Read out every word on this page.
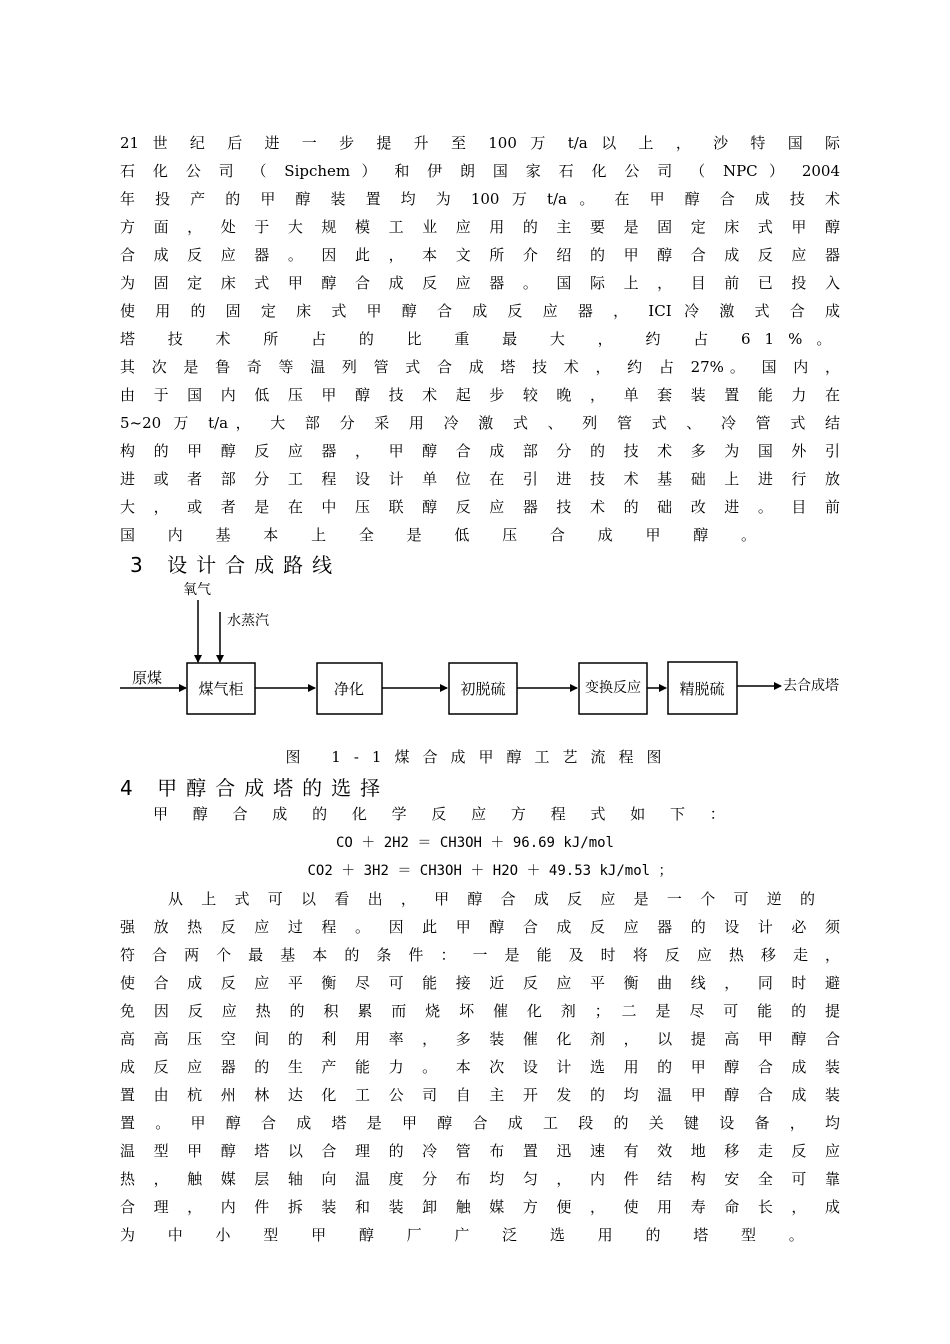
21 世 纪 后 进 一 步 提 升 至 100 万 t/a 以 上 ， 沙 特 国 际
石 化 公 司 （ Sipchem ） 和 伊 朗 国 家 石 化 公 司 （ NPC ） 2004
年 投 产 的 甲 醇 装 置 均 为 100 万 t/a 。 在 甲 醇 合 成 技 术
方 面 ， 处 于 大 规 模 工 业 应 用 的 主 要 是 固 定 床 式 甲 醇
合 成 反 应 器 。 因 此 ， 本 文 所 介 绍 的 甲 醇 合 成 反 应 器
为 固 定 床 式 甲 醇 合 成 反 应 器 。 国 际 上 ， 目 前 已 投 入
使 用 的 固 定 床 式 甲 醇 合 成 反 应 器 ， ICI 冷 激 式 合 成
塔 技 术 所 占 的 比 重 最 大 ， 约 占 61%。
其 次 是 鲁 奇 等 温 列 管 式 合 成 塔 技 术 ， 约 占 27%。 国 内 ，
由 于 国 内 低 压 甲 醇 技 术 起 步 较 晚 ， 单 套 装 置 能 力 在
5~20 万 t/a， 大 部 分 采 用 冷 激 式 、 列 管 式 、 冷 管 式 结
构 的 甲 醇 反 应 器 ， 甲 醇 合 成 部 分 的 技 术 多 为 国 外 引
进 或 者 部 分 工 程 设 计 单 位 在 引 进 技 术 基 础 上 进 行 放
大 ， 或 者 是 在 中 压 联 醇 反 应 器 技 术 的 础 改 进 。 目 前
国 内 基 本 上 全 是 低 压 合 成 甲 醇 。
3 设计合成路线
原煤
氧气
水蒸汽
煤气柜	净化	初脱硫	变换反应	精脱硫	去合成塔
图 1-1煤合成甲醇工艺流程图
4 甲醇合成塔的选择
甲 醇 合 成 的 化 学 反 应 方 程 式 如 下 ：
CO ＋ 2H2 ＝ CH3OH ＋ 96.69 kJ/mol
CO2 ＋ 3H2 ＝ CH3OH ＋ H2O ＋ 49.53 kJ/mol ；
从 上 式 可 以 看 出 ， 甲 醇 合 成 反 应 是 一 个 可 逆 的
强 放 热 反 应 过 程 。 因 此 甲 醇 合 成 反 应 器 的 设 计 必 须
符 合 两 个 最 基 本 的 条 件 ： 一 是 能 及 时 将 反 应 热 移 走 ，
使 合 成 反 应 平 衡 尽 可 能 接 近 反 应 平 衡 曲 线 ， 同 时 避
免 因 反 应 热 的 积 累 而 烧 坏 催 化 剂 ； 二 是 尽 可 能 的 提
高 高 压 空 间 的 利 用 率 ， 多 装 催 化 剂 ， 以 提 高 甲 醇 合
成 反 应 器 的 生 产 能 力 。 本 次 设 计 选 用 的 甲 醇 合 成 装
置 由 杭 州 林 达 化 工 公 司 自 主 开 发 的 均 温 甲 醇 合 成 装
置 。 甲 醇 合 成 塔 是 甲 醇 合 成 工 段 的 关 键 设 备 ， 均
温 型 甲 醇 塔 以 合 理 的 冷 管 布 置 迅 速 有 效 地 移 走 反 应
热 ， 触 媒 层 轴 向 温 度 分 布 均 匀 ， 内 件 结 构 安 全 可 靠
合 理 ， 内 件 拆 装 和 装 卸 触 媒 方 便 ， 使 用 寿 命 长 ， 成
为 中 小 型 甲 醇 厂 广 泛 选 用 的 塔 型 。
